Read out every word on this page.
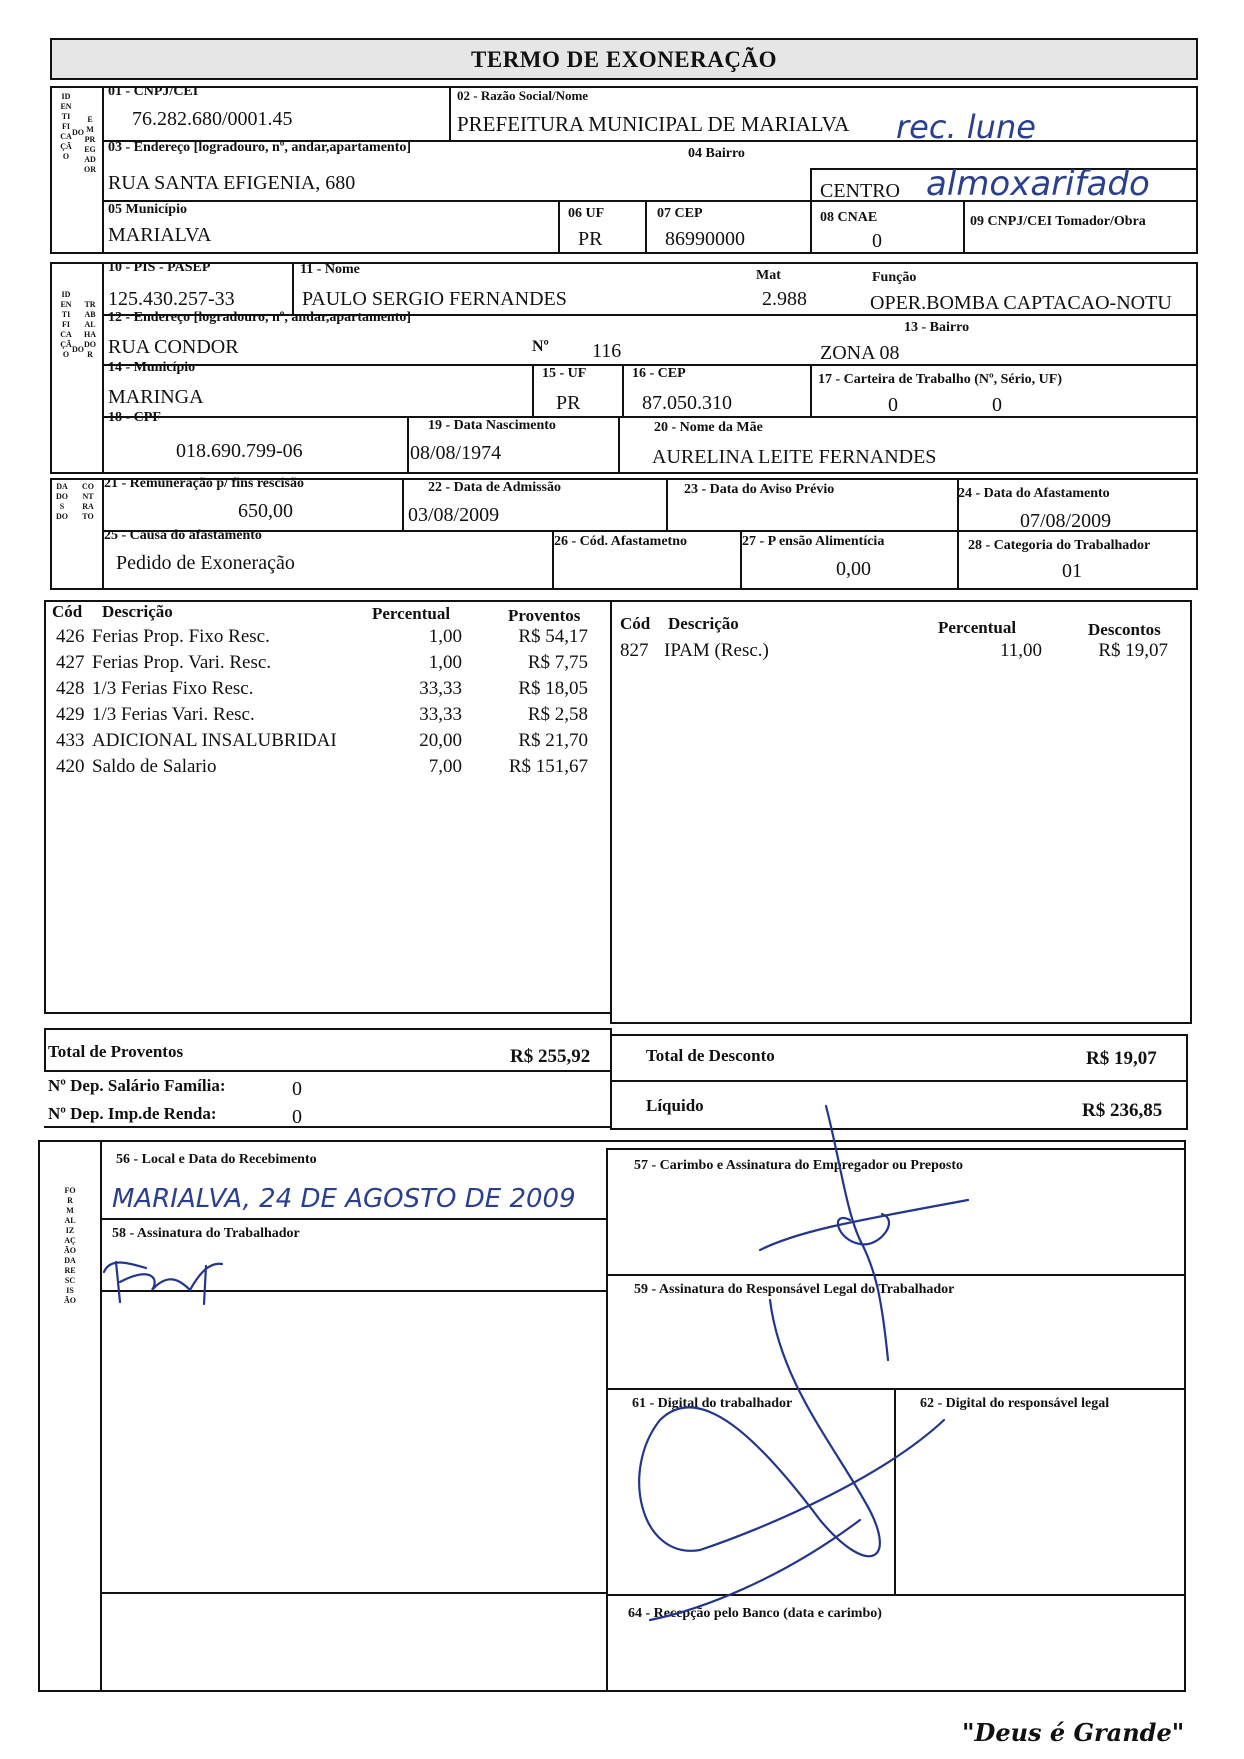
TERMO DE EXONERAÇÃO
IDENTIFICAÇÃO
EMPREGADOR
DO
01 - CNPJ/CEI
76.282.680/0001.45
02 - Razão Social/Nome
PREFEITURA MUNICIPAL DE MARIALVA
03 - Endereço [logradouro, nº, andar,apartamento]
RUA SANTA EFIGENIA, 680
04 Bairro
CENTRO
05 Município
MARIALVA
06 UF
PR
07 CEP
86990000
08 CNAE
0
09 CNPJ/CEI Tomador/Obra
IDENTIFICAÇÃO
TRABALHADOR
DO
10 - PIS - PASEP
125.430.257-33
11 - Nome
PAULO SERGIO FERNANDES
Mat
2.988
Função
OPER.BOMBA CAPTACAO-NOTU
12 - Endereço [logradouro, nº, andar,apartamento]
RUA CONDOR	Nº 116
13 - Bairro
ZONA 08
14 - Município
MARINGA
15 - UF
PR
16 - CEP
87.050.310
17 - Carteira de Trabalho (Nº, Sério, UF)
0	0
18 - CPF
018.690.799-06
19 - Data Nascimento
08/08/1974
20 - Nome da Mãe
AURELINA LEITE FERNANDES
DADOS DO
CONTRATO
21 - Remuneração p/ fins rescisão
650,00
22 - Data de Admissão
03/08/2009
23 - Data do Aviso Prévio	24 - Data do Afastamento
07/08/2009
25 - Causa do afastamento
Pedido de Exoneração
26 - Cód. Afastametno	27 - P ensão Alimentícia
0,00
28 - Categoria do Trabalhador
01
Cód Descrição	Percentual	Proventos
426 Ferias Prop. Fixo Resc.	1,00	R$ 54,17
427 Ferias Prop. Vari. Resc.	1,00	R$ 7,75
428 1/3 Ferias Fixo Resc.	33,33	R$ 18,05
429 1/3 Ferias Vari. Resc.	33,33	R$ 2,58
433 ADICIONAL INSALUBRIDAI	20,00	R$ 21,70
420 Saldo de Salario	7,00 R$ 151,67
Cód Descrição	Percentual	Descontos
827 IPAM (Resc.)	11,00	R$ 19,07
Total de Proventos	R$ 255,92	Total de Desconto	R$ 19,07
Nº Dep. Salário Família:	0
Nº Dep. Imp.de Renda:	0
Líquido	R$ 236,85
FORMALIZAÇÃO DA RESCISÃO
56 - Local e Data do Recebimento
MARIALVA, 24 DE AGOSTO DE 2009
57 - Carimbo e Assinatura do Empregador ou Preposto
58 - Assinatura do Trabalhador
59 - Assinatura do Responsável Legal do Trabalhador
61 - Digital do trabalhador	62 - Digital do responsável legal
64 - Recepção pelo Banco (data e carimbo)
rec. lune
almoxarifado
"Deus é Grande"
